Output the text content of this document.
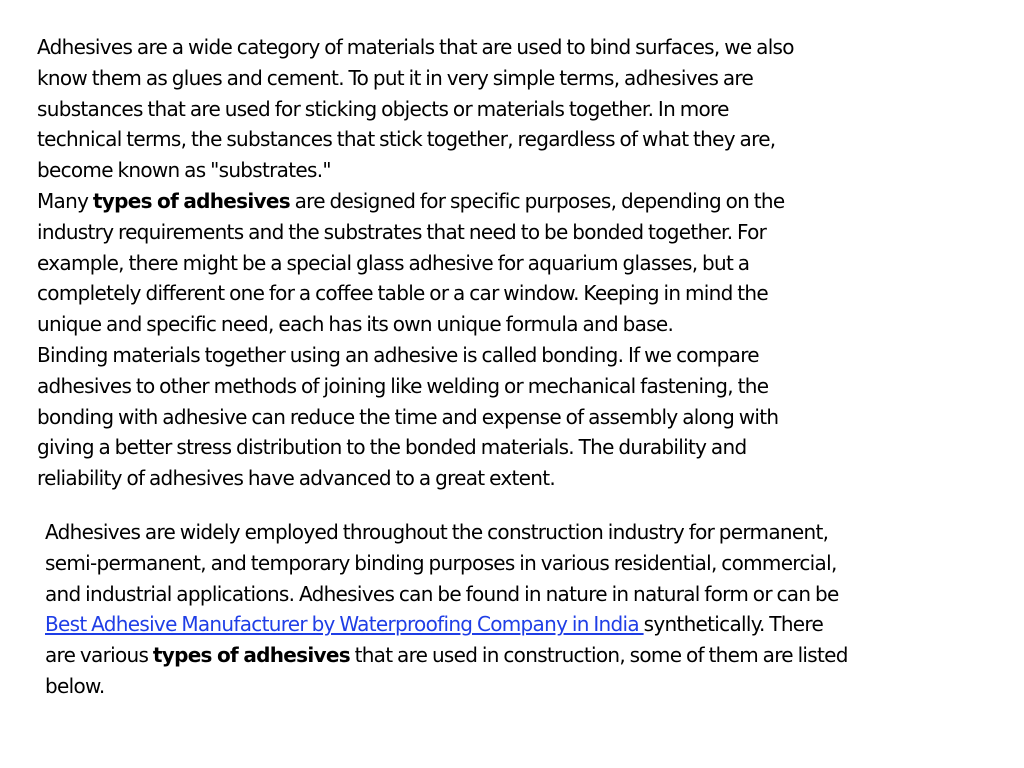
Adhesives are a wide category of materials that are used to bind surfaces, we also
know them as glues and cement. To put it in very simple terms, adhesives are
substances that are used for sticking objects or materials together. In more
technical terms, the substances that stick together, regardless of what they are,
become known as "substrates."
Many types of adhesives are designed for specific purposes, depending on the
industry requirements and the substrates that need to be bonded together. For
example, there might be a special glass adhesive for aquarium glasses, but a
completely different one for a coffee table or a car window. Keeping in mind the
unique and specific need, each has its own unique formula and base.
Binding materials together using an adhesive is called bonding. If we compare
adhesives to other methods of joining like welding or mechanical fastening, the
bonding with adhesive can reduce the time and expense of assembly along with
giving a better stress distribution to the bonded materials. The durability and
reliability of adhesives have advanced to a great extent.
Adhesives are widely employed throughout the construction industry for permanent,
semi-permanent, and temporary binding purposes in various residential, commercial,
and industrial applications. Adhesives can be found in nature in natural form or can be
Best Adhesive Manufacturer by Waterproofing Company in India synthetically. There
are various types of adhesives that are used in construction, some of them are listed
below.
